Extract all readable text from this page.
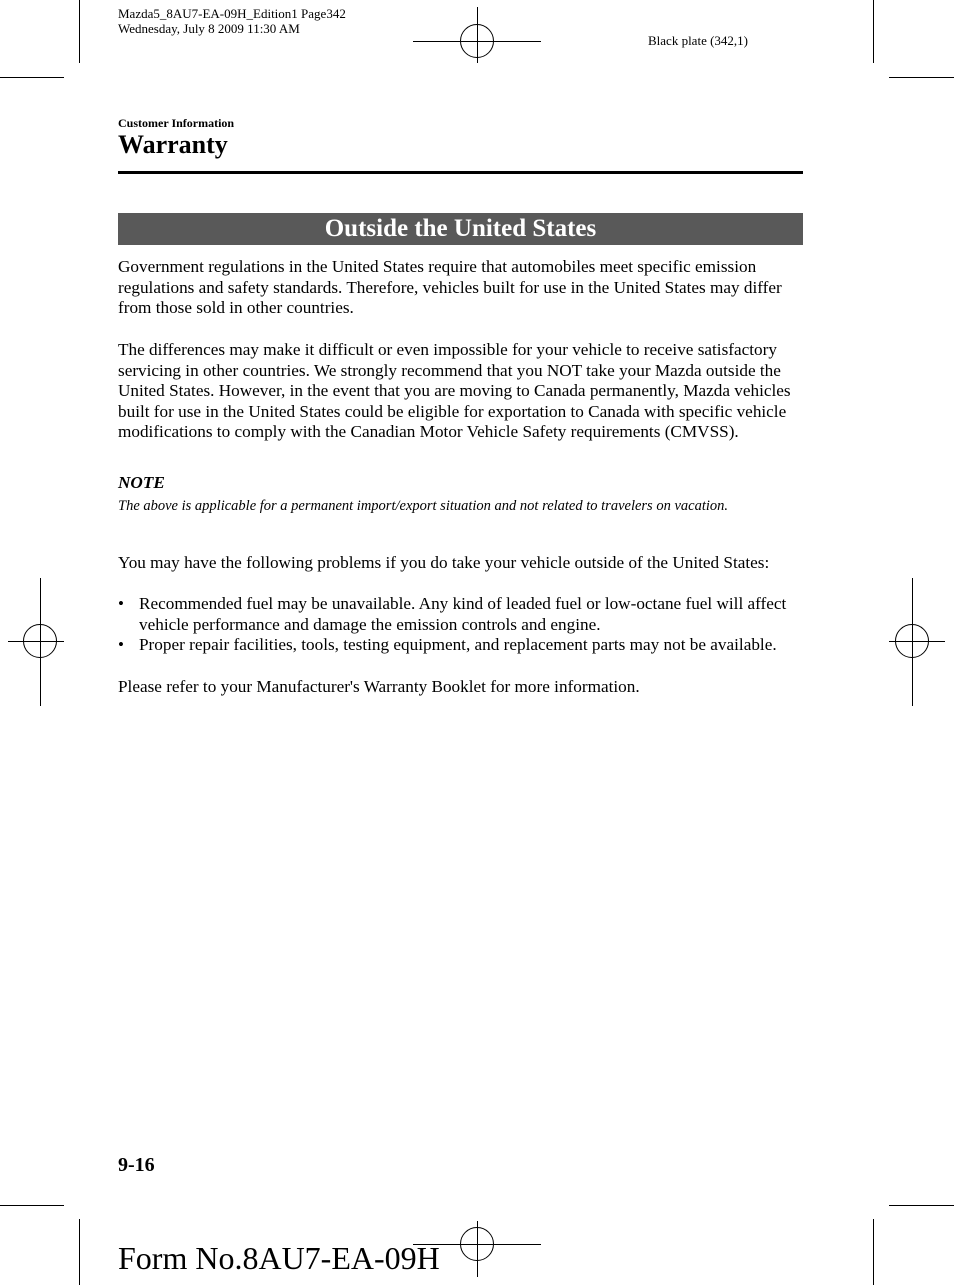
Mazda5_8AU7-EA-09H_Edition1 Page342
Wednesday, July 8 2009 11:30 AM
Black plate (342,1)
Customer Information
Warranty
Outside the United States

Government regulations in the United States require that automobiles meet specific emission regulations and safety standards. Therefore, vehicles built for use in the United States may differ from those sold in other countries.

The differences may make it difficult or even impossible for your vehicle to receive satisfactory servicing in other countries. We strongly recommend that you NOT take your Mazda outside the United States. However, in the event that you are moving to Canada permanently, Mazda vehicles built for use in the United States could be eligible for exportation to Canada with specific vehicle modifications to comply with the Canadian Motor Vehicle Safety requirements (CMVSS).

NOTE

The above is applicable for a permanent import/export situation and not related to travelers on vacation.

You may have the following problems if you do take your vehicle outside of the United States:

• Recommended fuel may be unavailable. Any kind of leaded fuel or low-octane fuel will affect vehicle performance and damage the emission controls and engine.

• Proper repair facilities, tools, testing equipment, and replacement parts may not be available.

Please refer to your Manufacturer's Warranty Booklet for more information.

9-16
Form No.8AU7-EA-09H
